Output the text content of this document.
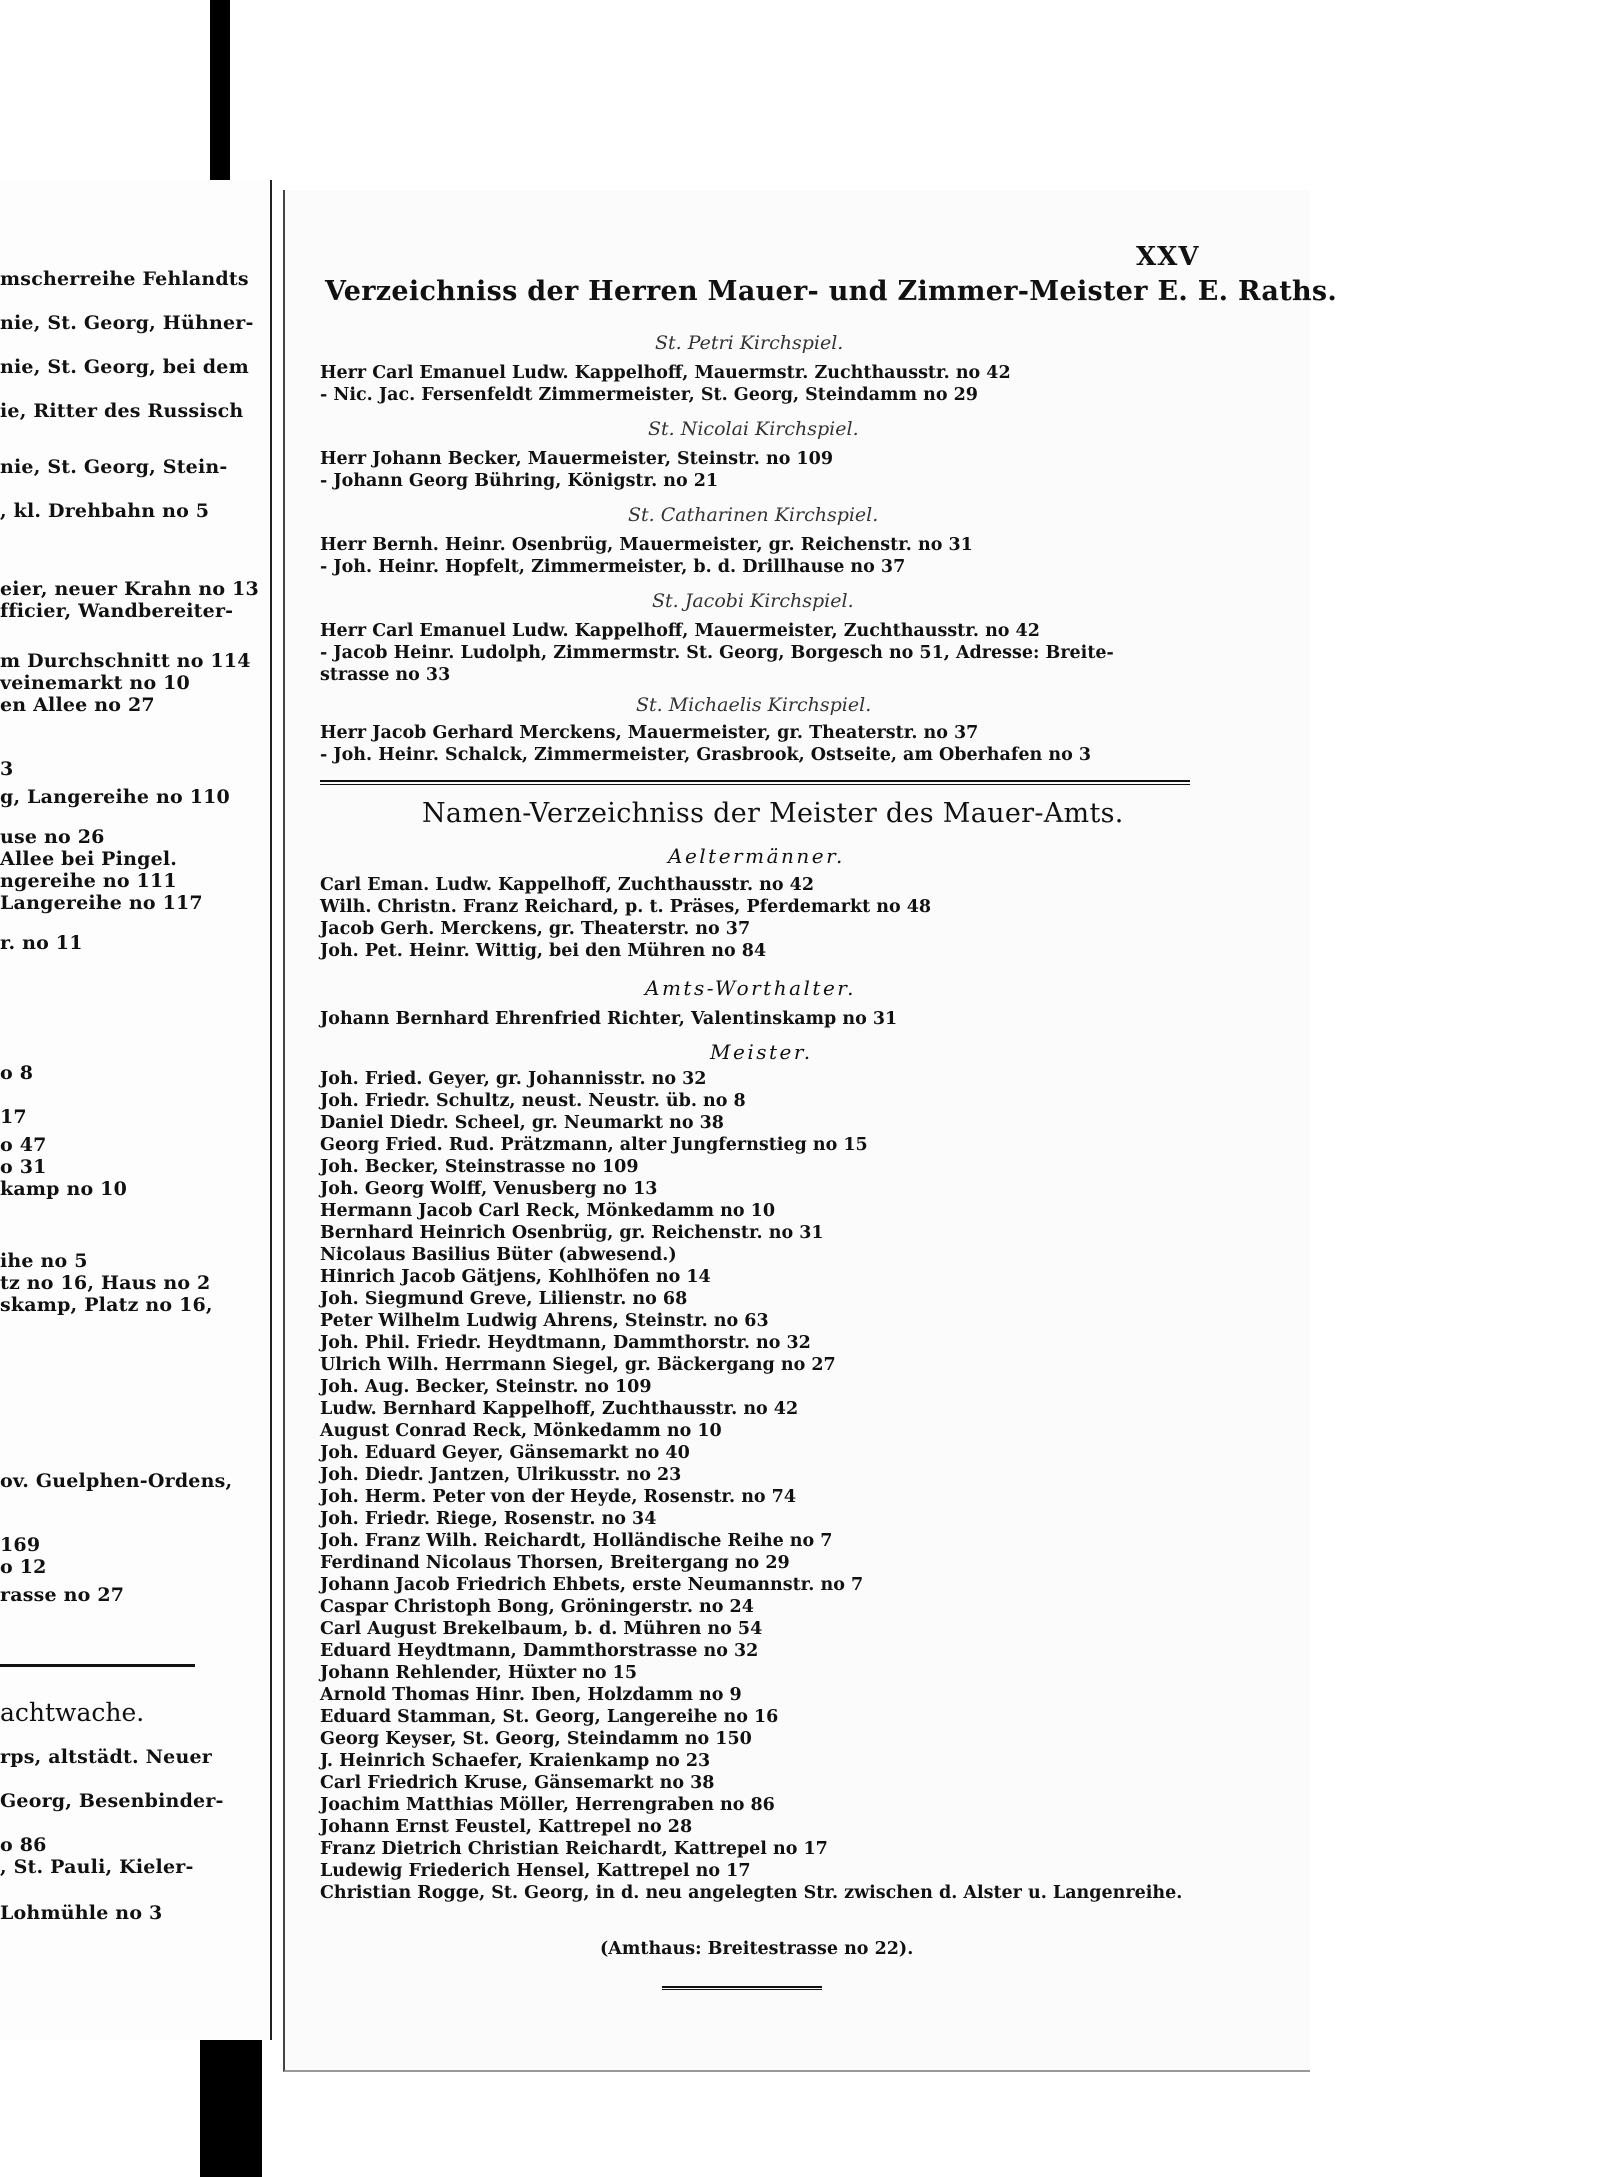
mscherreihe Fehlandts
nie, St. Georg, Hühner-
nie, St. Georg, bei dem
ie, Ritter des Russisch
nie, St. Georg, Stein-
, kl. Drehbahn no 5
eier, neuer Krahn no 13
fficier, Wandbereiter-
m Durchschnitt no 114
veinemarkt no 10
en Allee no 27
3
g, Langereihe no 110
use no 26
Allee bei Pingel.
ngereihe no 111
Langereihe no 117
r. no 11
o 8
17
o 47
o 31
kamp no 10
ihe no 5
tz no 16, Haus no 2
skamp, Platz no 16,
ov. Guelphen-Ordens,
169
o 12
rasse no 27
achtwache.
rps, altstädt. Neuer
Georg, Besenbinder-
o 86
, St. Pauli, Kieler-
Lohmühle no 3
XXV
Verzeichniss der Herren Mauer- und Zimmer-Meister E. E. Raths.
St. Petri Kirchspiel.
Herr Carl Emanuel Ludw. Kappelhoff, Mauermstr. Zuchthausstr. no 42
- Nic. Jac. Fersenfeldt Zimmermeister, St. Georg, Steindamm no 29
St. Nicolai Kirchspiel.
Herr Johann Becker, Mauermeister, Steinstr. no 109
- Johann Georg Bühring, Königstr. no 21
St. Catharinen Kirchspiel.
Herr Bernh. Heinr. Osenbrüg, Mauermeister, gr. Reichenstr. no 31
- Joh. Heinr. Hopfelt, Zimmermeister, b. d. Drillhause no 37
St. Jacobi Kirchspiel.
Herr Carl Emanuel Ludw. Kappelhoff, Mauermeister, Zuchthausstr. no 42
- Jacob Heinr. Ludolph, Zimmermstr. St. Georg, Borgesch no 51, Adresse: Breite-
strasse no 33
St. Michaelis Kirchspiel.
Herr Jacob Gerhard Merckens, Mauermeister, gr. Theaterstr. no 37
- Joh. Heinr. Schalck, Zimmermeister, Grasbrook, Ostseite, am Oberhafen no 3
Namen-Verzeichniss der Meister des Mauer-Amts.
Aeltermänner.
Carl Eman. Ludw. Kappelhoff, Zuchthausstr. no 42
Wilh. Christn. Franz Reichard, p. t. Präses, Pferdemarkt no 48
Jacob Gerh. Merckens, gr. Theaterstr. no 37
Joh. Pet. Heinr. Wittig, bei den Mühren no 84
Amts-Worthalter.
Johann Bernhard Ehrenfried Richter, Valentinskamp no 31
Meister.
Joh. Fried. Geyer, gr. Johannisstr. no 32
Joh. Friedr. Schultz, neust. Neustr. üb. no 8
Daniel Diedr. Scheel, gr. Neumarkt no 38
Georg Fried. Rud. Prätzmann, alter Jungfernstieg no 15
Joh. Becker, Steinstrasse no 109
Joh. Georg Wolff, Venusberg no 13
Hermann Jacob Carl Reck, Mönkedamm no 10
Bernhard Heinrich Osenbrüg, gr. Reichenstr. no 31
Nicolaus Basilius Büter (abwesend.)
Hinrich Jacob Gätjens, Kohlhöfen no 14
Joh. Siegmund Greve, Lilienstr. no 68
Peter Wilhelm Ludwig Ahrens, Steinstr. no 63
Joh. Phil. Friedr. Heydtmann, Dammthorstr. no 32
Ulrich Wilh. Herrmann Siegel, gr. Bäckergang no 27
Joh. Aug. Becker, Steinstr. no 109
Ludw. Bernhard Kappelhoff, Zuchthausstr. no 42
August Conrad Reck, Mönkedamm no 10
Joh. Eduard Geyer, Gänsemarkt no 40
Joh. Diedr. Jantzen, Ulrikusstr. no 23
Joh. Herm. Peter von der Heyde, Rosenstr. no 74
Joh. Friedr. Riege, Rosenstr. no 34
Joh. Franz Wilh. Reichardt, Holländische Reihe no 7
Ferdinand Nicolaus Thorsen, Breitergang no 29
Johann Jacob Friedrich Ehbets, erste Neumannstr. no 7
Caspar Christoph Bong, Gröningerstr. no 24
Carl August Brekelbaum, b. d. Mühren no 54
Eduard Heydtmann, Dammthorstrasse no 32
Johann Rehlender, Hüxter no 15
Arnold Thomas Hinr. Iben, Holzdamm no 9
Eduard Stamman, St. Georg, Langereihe no 16
Georg Keyser, St. Georg, Steindamm no 150
J. Heinrich Schaefer, Kraienkamp no 23
Carl Friedrich Kruse, Gänsemarkt no 38
Joachim Matthias Möller, Herrengraben no 86
Johann Ernst Feustel, Kattrepel no 28
Franz Dietrich Christian Reichardt, Kattrepel no 17
Ludewig Friederich Hensel, Kattrepel no 17
Christian Rogge, St. Georg, in d. neu angelegten Str. zwischen d. Alster u. Langenreihe.
(Amthaus: Breitestrasse no 22).
